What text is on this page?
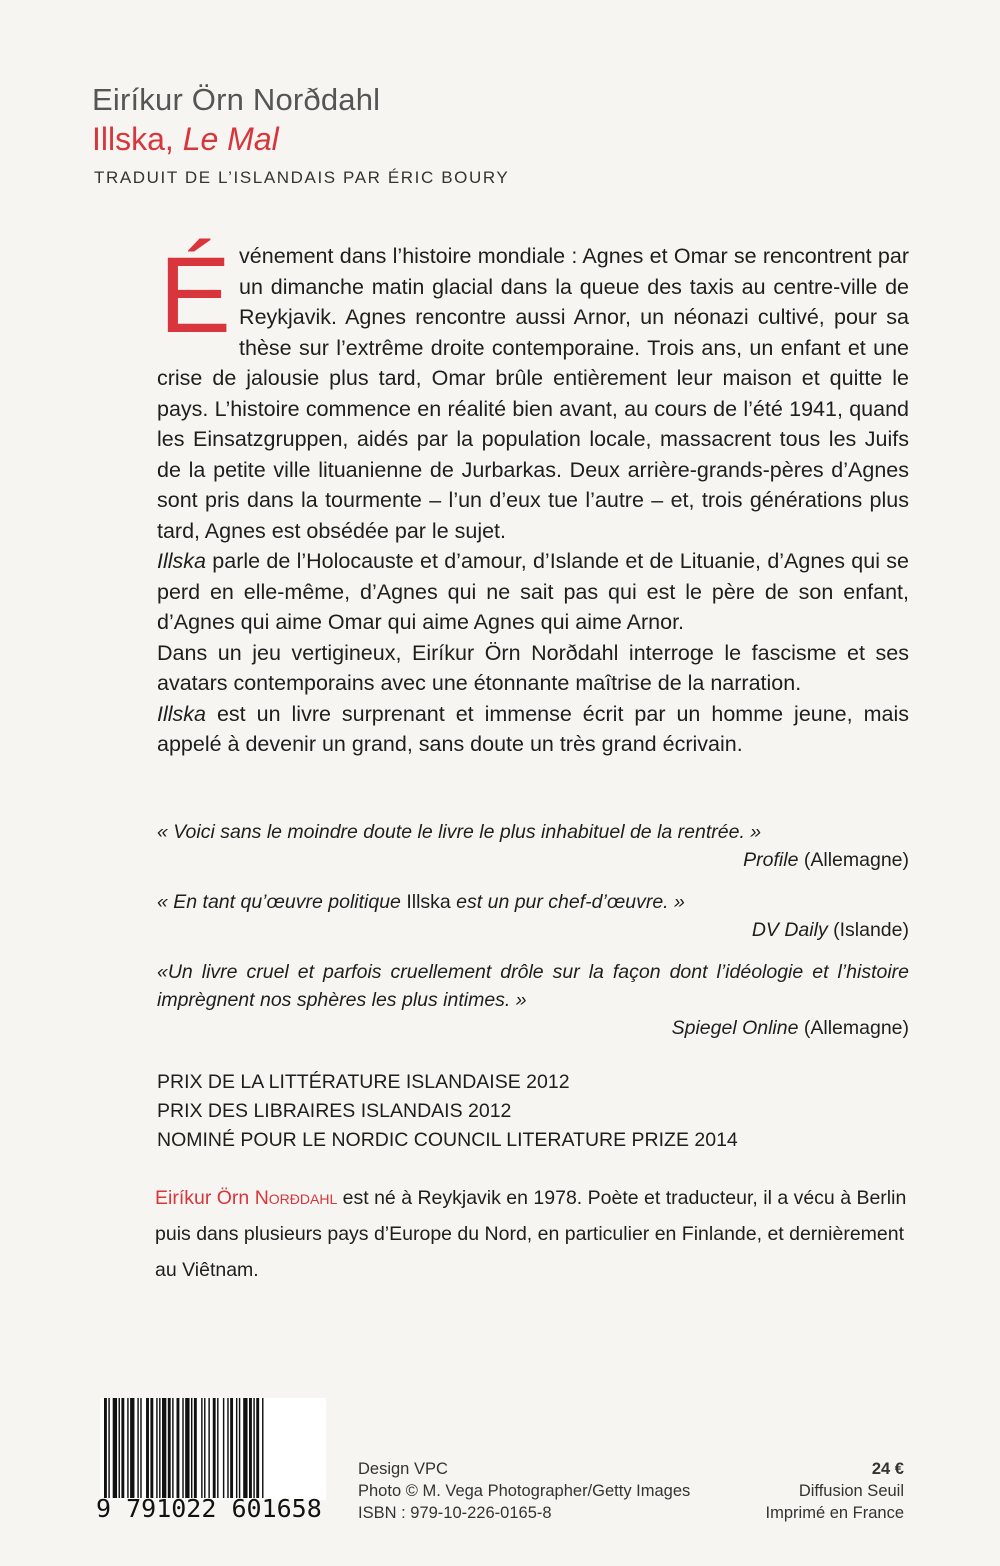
Eiríkur Örn Norðdahl
Illska, Le Mal
TRADUIT DE L’ISLANDAIS PAR ÉRIC BOURY
É vénement dans l’histoire mondiale : Agnes et Omar se rencontrent par un dimanche matin glacial dans la queue des taxis au centre-ville de Reykjavik. Agnes rencontre aussi Arnor, un néonazi cultivé, pour sa thèse sur l’extrême droite contemporaine. Trois ans, un enfant et une crise de jalousie plus tard, Omar brûle entièrement leur maison et quitte le pays. L’histoire commence en réalité bien avant, au cours de l’été 1941, quand les Einsatzgruppen, aidés par la population locale, massacrent tous les Juifs de la petite ville lituanienne de Jurbarkas. Deux arrière-grands-pères d’Agnes sont pris dans la tourmente – l’un d’eux tue l’autre – et, trois générations plus tard, Agnes est obsédée par le sujet.

Illska parle de l’Holocauste et d’amour, d’Islande et de Lituanie, d’Agnes qui se perd en elle-même, d’Agnes qui ne sait pas qui est le père de son enfant, d’Agnes qui aime Omar qui aime Agnes qui aime Arnor.

Dans un jeu vertigineux, Eiríkur Örn Norðdahl interroge le fascisme et ses avatars contemporains avec une étonnante maîtrise de la narration.

Illska est un livre surprenant et immense écrit par un homme jeune, mais appelé à devenir un grand, sans doute un très grand écrivain.

« Voici sans le moindre doute le livre le plus inhabituel de la rentrée. »
Profile (Allemagne)
« En tant qu’œuvre politique Illska est un pur chef-d’œuvre. »
DV Daily (Islande)
«Un livre cruel et parfois cruellement drôle sur la façon dont l’idéologie et l’histoire imprègnent nos sphères les plus intimes. »
Spiegel Online (Allemagne)
PRIX DE LA LITTÉRATURE ISLANDAISE 2012
PRIX DES LIBRAIRES ISLANDAIS 2012
NOMINÉ POUR LE NORDIC COUNCIL LITERATURE PRIZE 2014
Eiríkur Örn Norðdahl est né à Reykjavik en 1978. Poète et traducteur, il a vécu à Berlin puis dans plusieurs pays d’Europe du Nord, en particulier en Finlande, et dernièrement au Viêtnam.
9 791022 601658
Design VPC
Photo © M. Vega Photographer/Getty Images
ISBN : 979-10-226-0165-8
24 €
Diffusion Seuil
Imprimé en France
